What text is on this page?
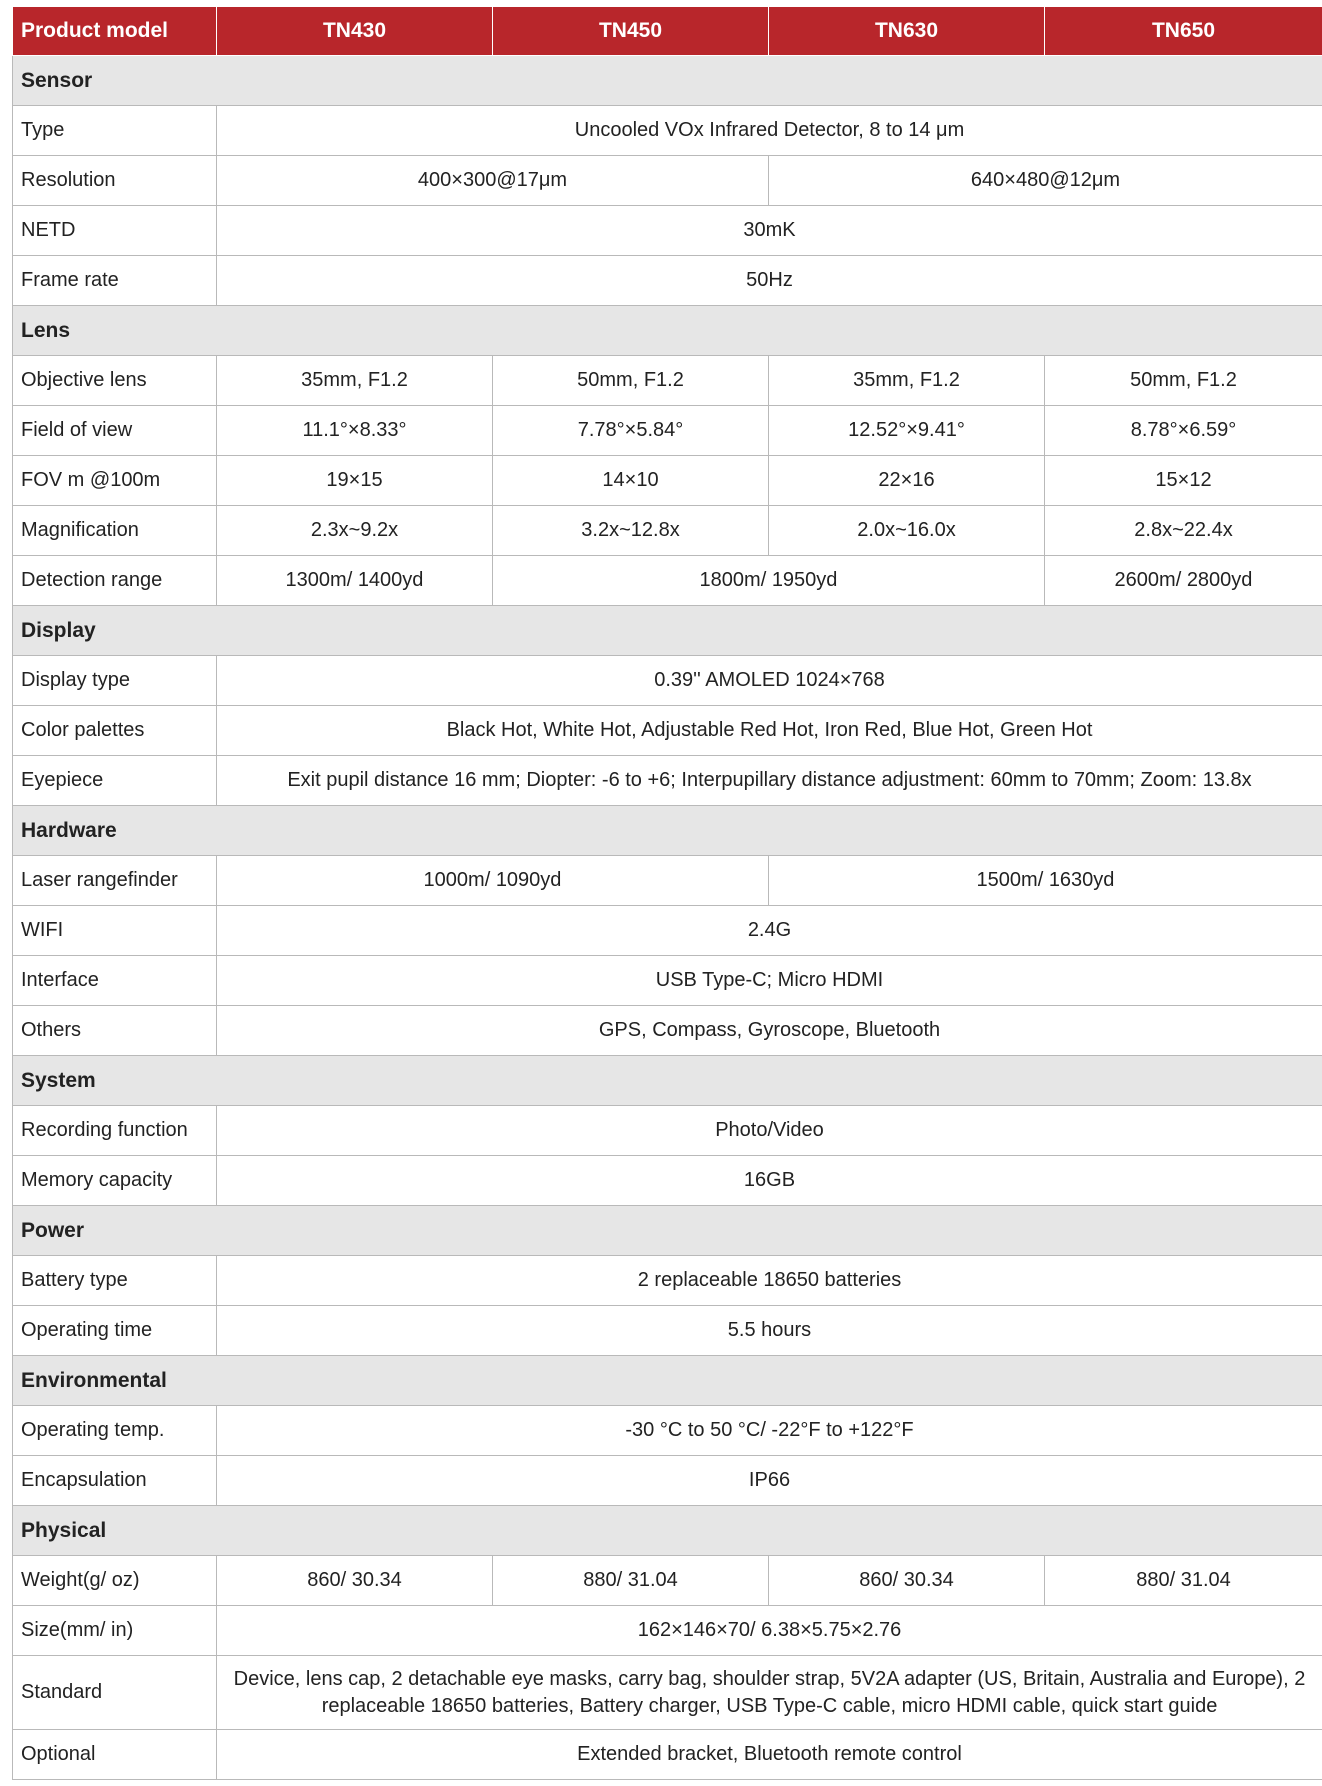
Product model	TN430	TN450	TN630	TN650
Sensor				
Type	Uncooled VOx Infrared Detector, 8 to 14 μm			
Resolution	400×300@17μm		640×480@12μm	
NETD	30mK			
Frame rate	50Hz			
Lens				
Objective lens	35mm, F1.2	50mm, F1.2	35mm, F1.2	50mm, F1.2
Field of view	11.1°×8.33°	7.78°×5.84°	12.52°×9.41°	8.78°×6.59°
FOV m @100m	19×15	14×10	22×16	15×12
Magnification	2.3x~9.2x	3.2x~12.8x	2.0x~16.0x	2.8x~22.4x
Detection range	1300m/ 1400yd	1800m/ 1950yd		2600m/ 2800yd
Display				
Display type	0.39'' AMOLED 1024×768			
Color palettes	Black Hot, White Hot, Adjustable Red Hot, Iron Red, Blue Hot, Green Hot			
Eyepiece	Exit pupil distance 16 mm; Diopter: -6 to +6; Interpupillary distance adjustment: 60mm to 70mm; Zoom: 13.8x			
Hardware				
Laser rangefinder	1000m/ 1090yd		1500m/ 1630yd	
WIFI	2.4G			
Interface	USB Type-C; Micro HDMI			
Others	GPS, Compass, Gyroscope, Bluetooth			
System				
Recording function	Photo/Video			
Memory capacity	16GB			
Power				
Battery type	2 replaceable 18650 batteries			
Operating time	5.5 hours			
Environmental				
Operating temp.	-30 °C to 50 °C/ -22°F to +122°F			
Encapsulation	IP66			
Physical				
Weight(g/ oz)	860/ 30.34	880/ 31.04	860/ 30.34	880/ 31.04
Size(mm/ in)	162×146×70/ 6.38×5.75×2.76			
Standard	Device, lens cap, 2 detachable eye masks, carry bag, shoulder strap, 5V2A adapter (US, Britain, Australia and Europe), 2 replaceable 18650 batteries, Battery charger, USB Type-C cable, micro HDMI cable, quick start guide			
Optional	Extended bracket, Bluetooth remote control			
